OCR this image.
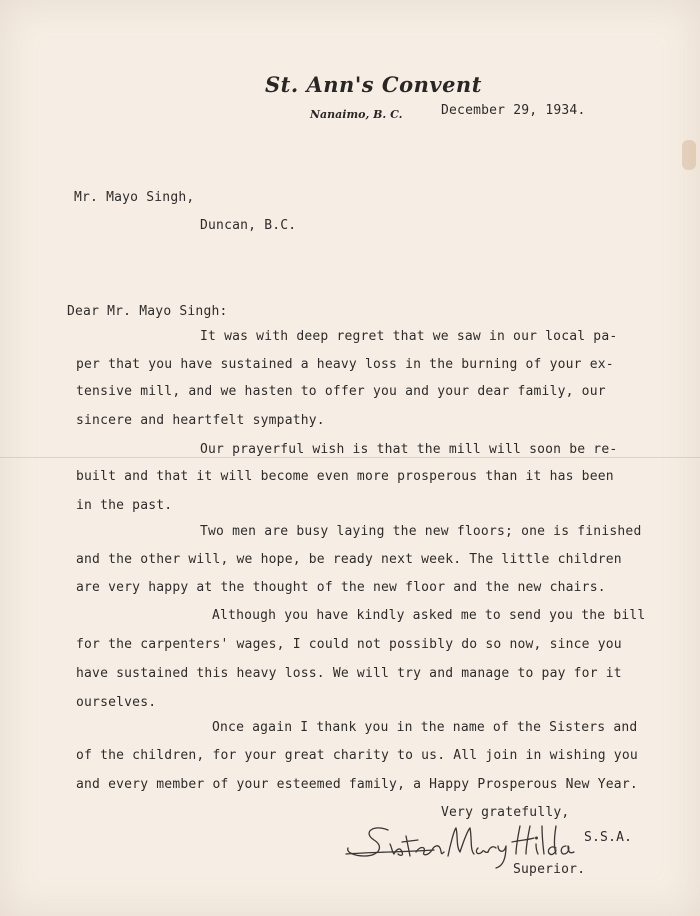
St. Ann's Convent
Nanaimo, B. C.	December 29, 1934.
Mr. Mayo Singh,
Duncan, B.C.
Dear Mr. Mayo Singh:
It was with deep regret that we saw in our local pa-
per that you have sustained a heavy loss in the burning of your ex-
tensive mill, and we hasten to offer you and your dear family, our
sincere and heartfelt sympathy.
Our prayerful wish is that the mill will soon be re-
built and that it will become even more prosperous than it has been
in the past.
Two men are busy laying the new floors; one is finished
and the other will, we hope, be ready next week. The little children
are very happy at the thought of the new floor and the new chairs.
Although you have kindly asked me to send you the bill
for the carpenters' wages, I could not possibly do so now, since you
have sustained this heavy loss. We will try and manage to pay for it
ourselves.
Once again I thank you in the name of the Sisters and
of the children, for your great charity to us. All join in wishing you
and every member of your esteemed family, a Happy Prosperous New Year.
Very gratefully,
S.S.A.
Superior.
